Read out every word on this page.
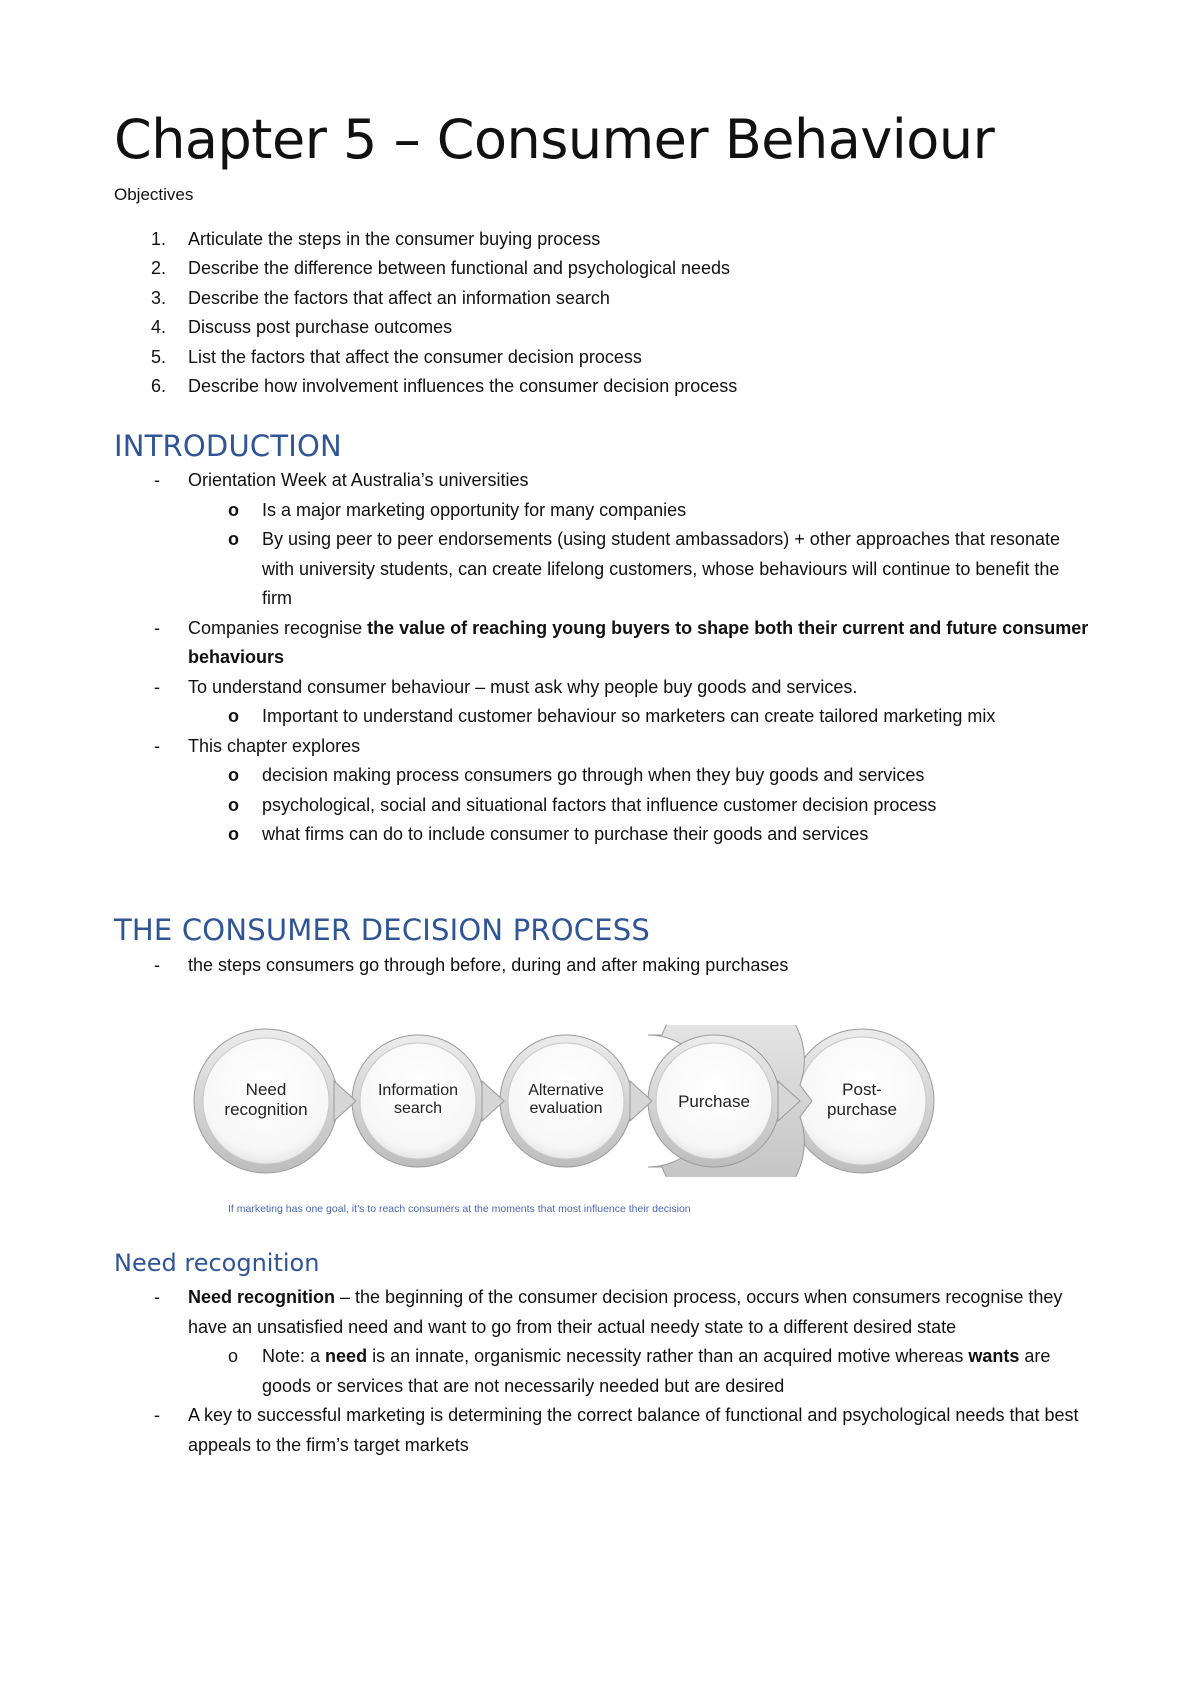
Chapter 5 – Consumer Behaviour

Objectives

1. Articulate the steps in the consumer buying process
2. Describe the difference between functional and psychological needs
3. Describe the factors that affect an information search
4. Discuss post purchase outcomes
5. List the factors that affect the consumer decision process
6. Describe how involvement influences the consumer decision process
INTRODUCTION
- Orientation Week at Australia’s universities
o Is a major marketing opportunity for many companies
o By using peer to peer endorsements (using student ambassadors) + other approaches that resonate with university students, can create lifelong customers, whose behaviours will continue to benefit the firm
- Companies recognise the value of reaching young buyers to shape both their current and future consumer behaviours
- To understand consumer behaviour – must ask why people buy goods and services.
o Important to understand customer behaviour so marketers can create tailored marketing mix
- This chapter explores
o decision making process consumers go through when they buy goods and services
o psychological, social and situational factors that influence customer decision process
o what firms can do to include consumer to purchase their goods and services
THE CONSUMER DECISION PROCESS
- the steps consumers go through before, during and after making purchases
Need
recognition
Information
search
Alternative
evaluation	Purchase
Post-
purchase
If marketing has one goal, it’s to reach consumers at the moments that most influence their decision
Need recognition
- Need recognition – the beginning of the consumer decision process, occurs when consumers recognise they have an unsatisfied need and want to go from their actual needy state to a different desired state
o Note: a need is an innate, organismic necessity rather than an acquired motive whereas wants are goods or services that are not necessarily needed but are desired
- A key to successful marketing is determining the correct balance of functional and psychological needs that best appeals to the firm’s target markets
